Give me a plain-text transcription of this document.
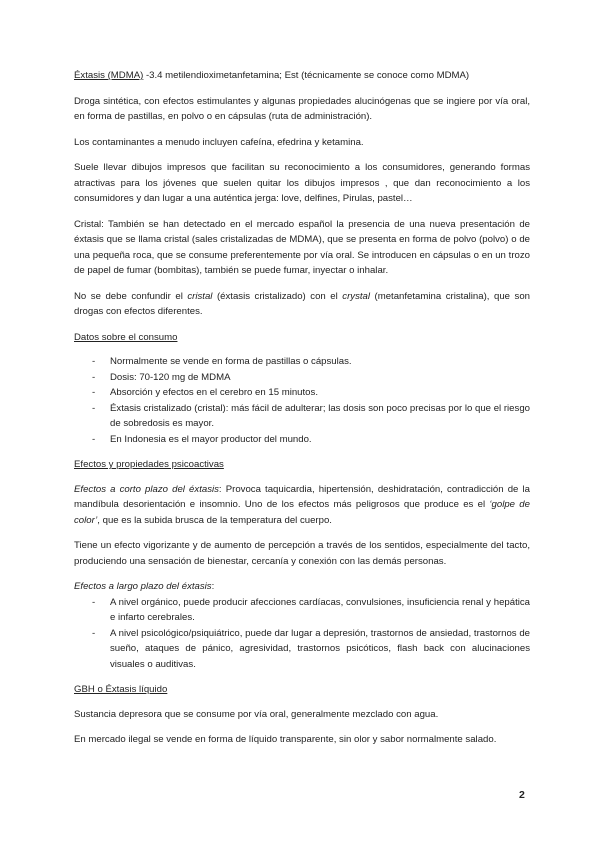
Éxtasis (MDMA) -3.4 metilendioximetanfetamina; Est (técnicamente se conoce como MDMA)

Droga sintética, con efectos estimulantes y algunas propiedades alucinógenas que se ingiere por vía oral, en forma de pastillas, en polvo o en cápsulas (ruta de administración).

Los contaminantes a menudo incluyen cafeína, efedrina y ketamina.

Suele llevar dibujos impresos que facilitan su reconocimiento a los consumidores, generando formas atractivas para los jóvenes que suelen quitar los dibujos impresos , que dan reconocimiento a los consumidores y dan lugar a una auténtica jerga: love, delfines, Pirulas, pastel…

Cristal: También se han detectado en el mercado español la presencia de una nueva presentación de éxtasis que se llama cristal (sales cristalizadas de MDMA), que se presenta en forma de polvo (polvo) o de una pequeña roca, que se consume preferentemente por vía oral. Se introducen en cápsulas o en un trozo de papel de fumar (bombitas), también se puede fumar, inyectar o inhalar.

No se debe confundir el cristal (éxtasis cristalizado) con el crystal (metanfetamina cristalina), que son drogas con efectos diferentes.

Datos sobre el consumo

- Normalmente se vende en forma de pastillas o cápsulas.
- Dosis: 70-120 mg de MDMA
- Absorción y efectos en el cerebro en 15 minutos.
- Éxtasis cristalizado (cristal): más fácil de adulterar; las dosis son poco precisas por lo que el riesgo de sobredosis es mayor.
- En Indonesia es el mayor productor del mundo.

Efectos y propiedades psicoactivas

Efectos a corto plazo del éxtasis: Provoca taquicardia, hipertensión, deshidratación, contradicción de la mandíbula desorientación e insomnio. Uno de los efectos más peligrosos que produce es el ‘golpe de color’, que es la subida brusca de la temperatura del cuerpo.

Tiene un efecto vigorizante y de aumento de percepción a través de los sentidos, especialmente del tacto, produciendo una sensación de bienestar, cercanía y conexión con las demás personas.

Efectos a largo plazo del éxtasis:

- A nivel orgánico, puede producir afecciones cardíacas, convulsiones, insuficiencia renal y hepática e infarto cerebrales.
- A nivel psicológico/psiquiátrico, puede dar lugar a depresión, trastornos de ansiedad, trastornos de sueño, ataques de pánico, agresividad, trastornos psicóticos, flash back con alucinaciones visuales o auditivas.

GBH o Éxtasis líquido

Sustancia depresora que se consume por vía oral, generalmente mezclado con agua.

En mercado ilegal se vende en forma de líquido transparente, sin olor y sabor normalmente salado.

2
